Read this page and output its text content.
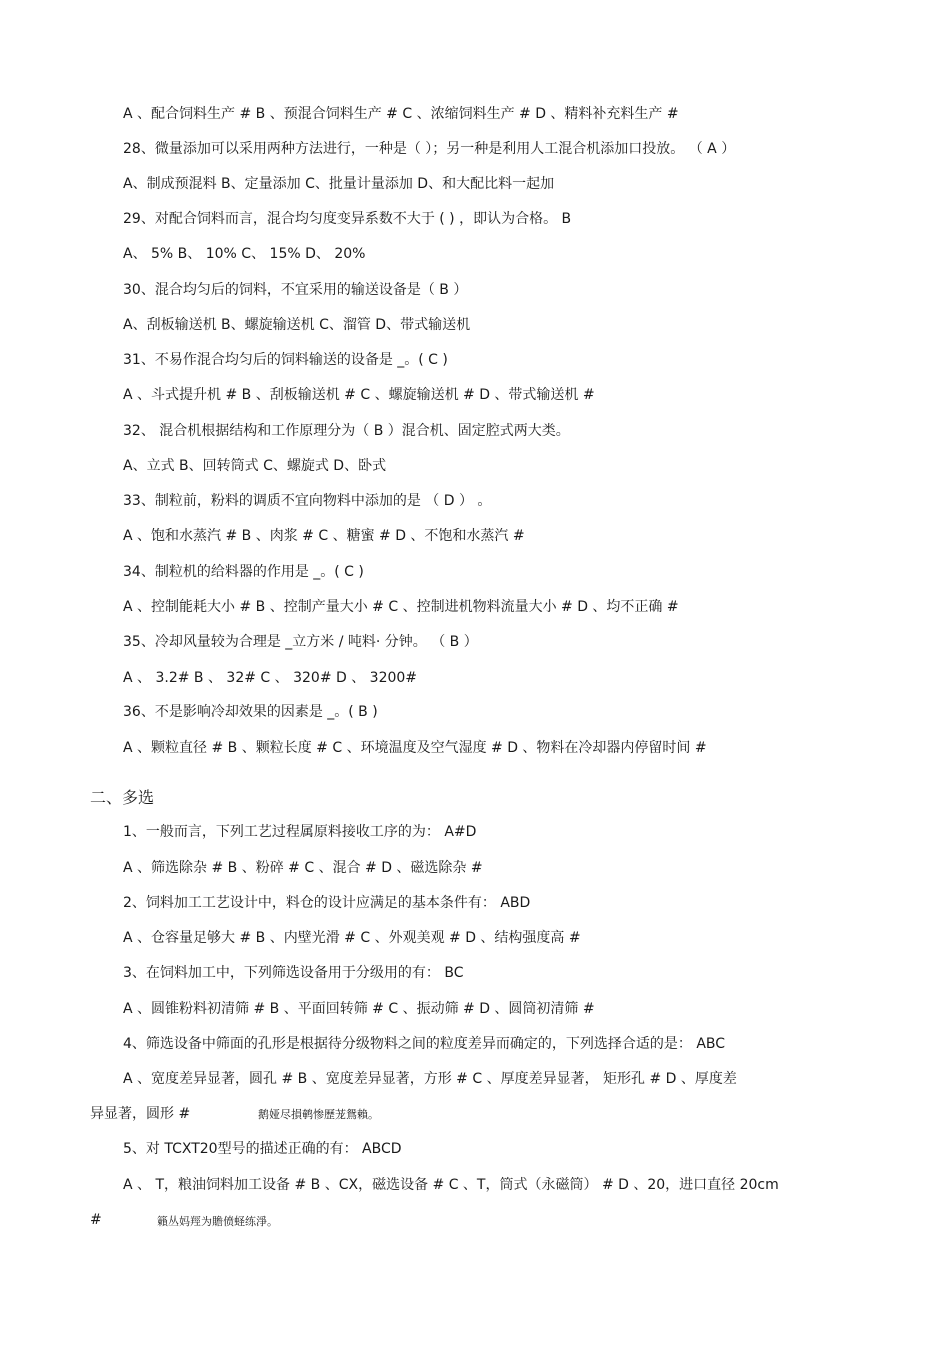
A 、配合饲料生产 # B 、预混合饲料生产 # C 、浓缩饲料生产 # D 、精料补充料生产 #
28、微量添加可以采用两种方法进行，一种是（ ）；另一种是利用人工混合机添加口投放。 （ A ）
A、制成预混料 B、定量添加 C、批量计量添加 D、和大配比料一起加
29、对配合饲料而言，混合均匀度变异系数不大于 ( ) ，即认为合格。 B
A、 5% B、 10% C、 15% D、 20%
30、混合均匀后的饲料，不宜采用的输送设备是（ B ）
A、刮板输送机 B、螺旋输送机 C、溜管 D、带式输送机
31、不易作混合均匀后的饲料输送的设备是 _。( C )
A 、斗式提升机 # B 、刮板输送机 # C 、螺旋输送机 # D 、带式输送机 #
32、 混合机根据结构和工作原理分为（ B ）混合机、固定腔式两大类。
A、立式 B、回转筒式 C、螺旋式 D、卧式
33、制粒前，粉料的调质不宜向物料中添加的是 （ D ） 。
A 、饱和水蒸汽 # B 、肉浆 # C 、糖蜜 # D 、不饱和水蒸汽 #
34、制粒机的给料器的作用是 _。( C )
A 、控制能耗大小 # B 、控制产量大小 # C 、控制进机物料流量大小 # D 、均不正确 #
35、冷却风量较为合理是 _立方米 / 吨料· 分钟。 （ B ）
A 、 3.2# B 、 32# C 、 320# D 、 3200#
36、不是影响冷却效果的因素是 _。( B )
A 、颗粒直径 # B 、颗粒长度 # C 、环境温度及空气湿度 # D 、物料在冷却器内停留时间 #
二、多选
1、一般而言，下列工艺过程属原料接收工序的为： A#D
A 、筛选除杂 # B 、粉碎 # C 、混合 # D 、磁选除杂 #
2、饲料加工工艺设计中，料仓的设计应满足的基本条件有： ABD
A 、仓容量足够大 # B 、内壁光滑 # C 、外观美观 # D 、结构强度高 #
3、在饲料加工中，下列筛选设备用于分级用的有： BC
A 、圆锥粉料初清筛 # B 、平面回转筛 # C 、振动筛 # D 、圆筒初清筛 #
4、筛选设备中筛面的孔形是根据待分级物料之间的粒度差异而确定的，下列选择合适的是： ABC
A 、宽度差异显著，圆孔 # B 、宽度差异显著，方形 # C 、厚度差异显著， 矩形孔 # D 、厚度差
异显著，圆形 #	鹅娅尽損鹌惨歷茏鴛賴。
5、对 TCXT20型号的描述正确的有： ABCD
A 、 T，粮油饲料加工设备 # B 、CX，磁选设备 # C 、T，筒式（永磁筒） # D 、20，进口直径 20cm
#	籟丛妈羥为贍偾蛏练淨。
